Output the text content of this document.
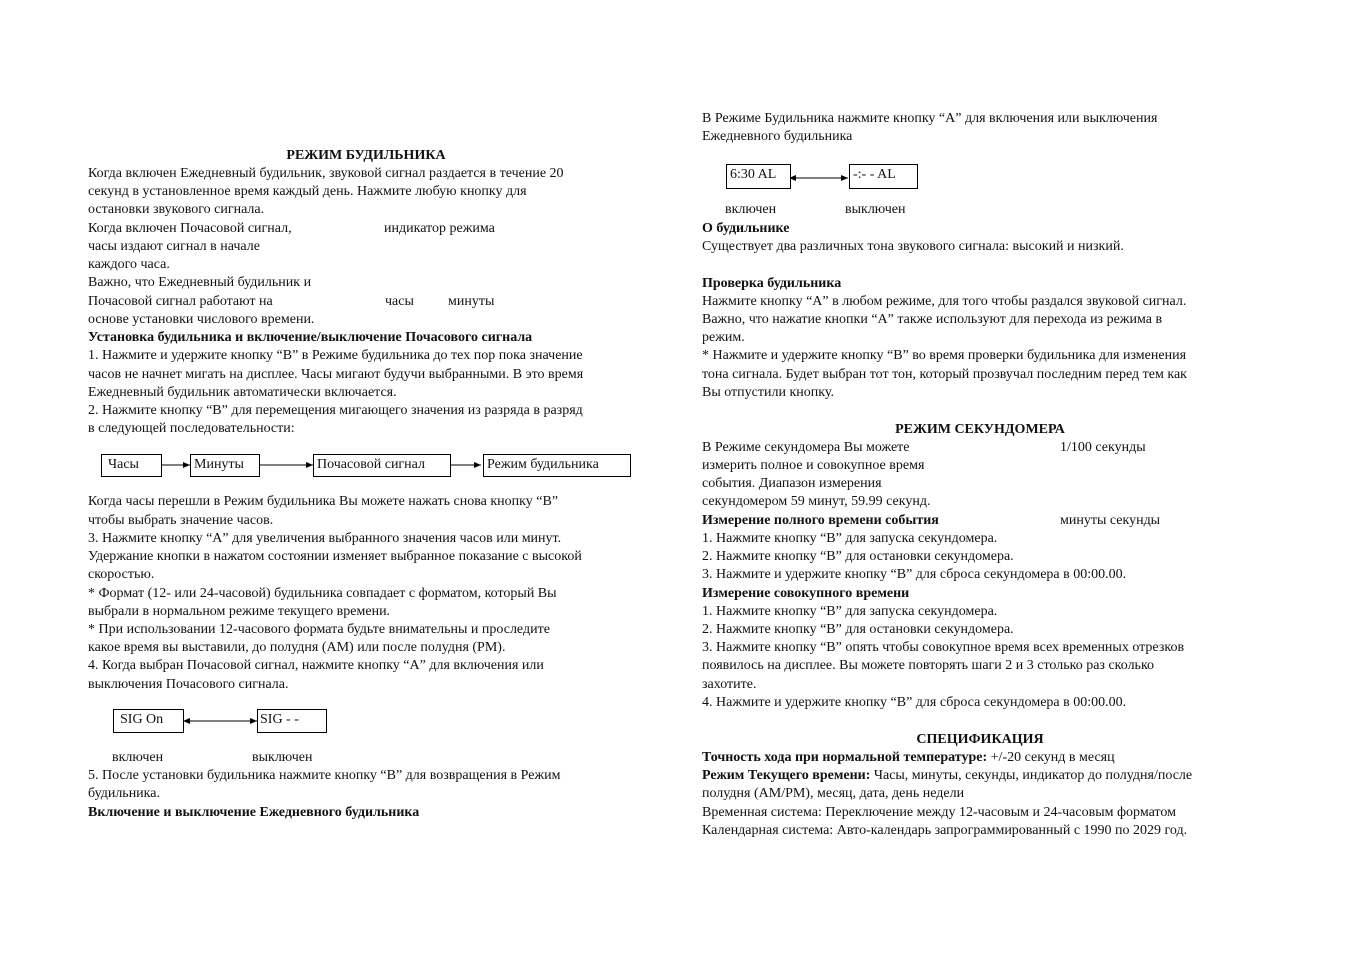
РЕЖИМ БУДИЛЬНИКА
Когда включен Ежедневный будильник, звуковой сигнал раздается в течение 20
секунд в установленное время каждый день. Нажмите любую кнопку для
остановки звукового сигнала.
Когда включен Почасовой сигнал,	индикатор режима
часы издают сигнал в начале
каждого часа.
Важно, что Ежедневный будильник и
Почасовой сигнал работают на	часы минуты
основе установки числового времени.
Установка будильника и включение/выключение Почасового сигнала
1. Нажмите и удержите кнопку “В” в Режиме будильника до тех пор пока значение
часов не начнет мигать на дисплее. Часы мигают будучи выбранными. В это время
Ежедневный будильник автоматически включается.
2. Нажмите кнопку “В” для перемещения мигающего значения из разряда в разряд
в следующей последовательности:
Часы	Минуты	Почасовой сигнал	Режим будильника
Когда часы перешли в Режим будильника Вы можете нажать снова кнопку “В”
чтобы выбрать значение часов.
3. Нажмите кнопку “А” для увеличения выбранного значения часов или минут.
Удержание кнопки в нажатом состоянии изменяет выбранное показание с высокой
скоростью.
* Формат (12- или 24-часовой) будильника совпадает с форматом, который Вы
выбрали в нормальном режиме текущего времени.
* При использовании 12-часового формата будьте внимательны и проследите
какое время вы выставили, до полудня (AM) или после полудня (PM).
4. Когда выбран Почасовой сигнал, нажмите кнопку “А” для включения или
выключения Почасового сигнала.
SIG On	SIG - -
включен	выключен
5. После установки будильника нажмите кнопку “В” для возвращения в Режим
будильника.
Включение и выключение Ежедневного будильника
В Режиме Будильника нажмите кнопку “А” для включения или выключения
Ежедневного будильника
6:30 AL	-:- - AL
включен	выключен
О будильнике
Существует два различных тона звукового сигнала: высокий и низкий.
Проверка будильника
Нажмите кнопку “А” в любом режиме, для того чтобы раздался звуковой сигнал.
Важно, что нажатие кнопки “А” также используют для перехода из режима в
режим.
* Нажмите и удержите кнопку “В” во время проверки будильника для изменения
тона сигнала. Будет выбран тот тон, который прозвучал последним перед тем как
Вы отпустили кнопку.
РЕЖИМ СЕКУНДОМЕРА
В Режиме секундомера Вы можете	1/100 секунды
измерить полное и совокупное время
события. Диапазон измерения
секундомером 59 минут, 59.99 секунд.
Измерение полного времени события	минуты секунды
1. Нажмите кнопку “В” для запуска секундомера.
2. Нажмите кнопку “В” для остановки секундомера.
3. Нажмите и удержите кнопку “В” для сброса секундомера в 00:00.00.
Измерение совокупного времени
1. Нажмите кнопку “В” для запуска секундомера.
2. Нажмите кнопку “В” для остановки секундомера.
3. Нажмите кнопку “В” опять чтобы совокупное время всех временных отрезков
появилось на дисплее. Вы можете повторять шаги 2 и 3 столько раз сколько
захотите.
4. Нажмите и удержите кнопку “В” для сброса секундомера в 00:00.00.
СПЕЦИФИКАЦИЯ
Точность хода при нормальной температуре: +/-20 секунд в месяц
Режим Текущего времени: Часы, минуты, секунды, индикатор до полудня/после
полудня (AM/PM), месяц, дата, день недели
Временная система: Переключение между 12-часовым и 24-часовым форматом
Календарная система: Авто-календарь запрограммированный с 1990 по 2029 год.
